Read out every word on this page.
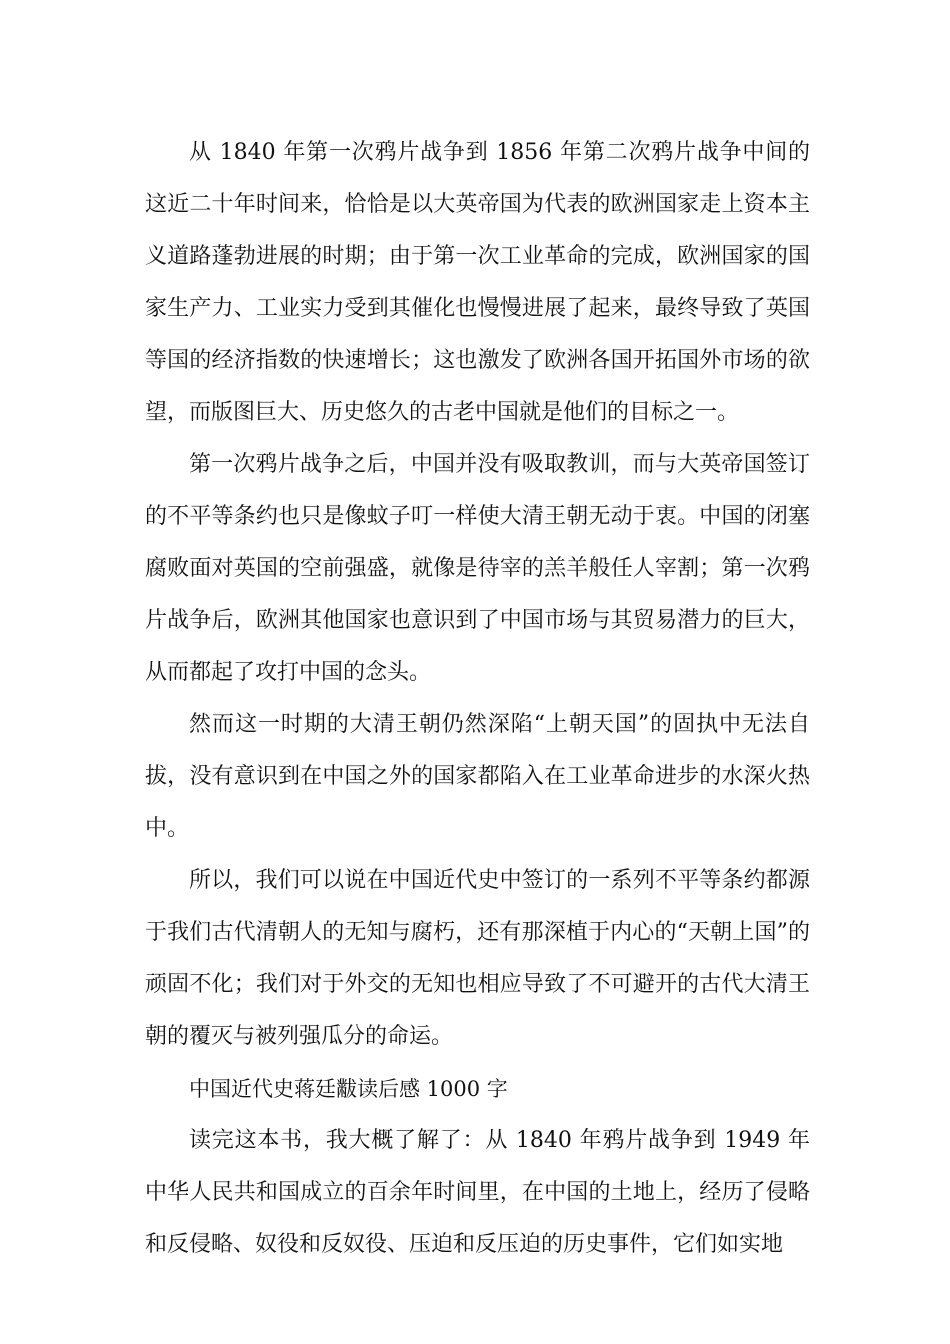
从 1840 年第一次鸦片战争到 1856 年第二次鸦片战争中间的这近二十年时间来，恰恰是以大英帝国为代表的欧洲国家走上资本主义道路蓬勃进展的时期；由于第一次工业革命的完成，欧洲国家的国家生产力、工业实力受到其催化也慢慢进展了起来，最终导致了英国等国的经济指数的快速增长；这也激发了欧洲各国开拓国外市场的欲望，而版图巨大、历史悠久的古老中国就是他们的目标之一。

第一次鸦片战争之后，中国并没有吸取教训，而与大英帝国签订的不平等条约也只是像蚊子叮一样使大清王朝无动于衷。中国的闭塞腐败面对英国的空前强盛，就像是待宰的羔羊般任人宰割；第一次鸦片战争后，欧洲其他国家也意识到了中国市场与其贸易潜力的巨大，从而都起了攻打中国的念头。

然而这一时期的大清王朝仍然深陷“上朝天国”的固执中无法自拔，没有意识到在中国之外的国家都陷入在工业革命进步的水深火热中。

所以，我们可以说在中国近代史中签订的一系列不平等条约都源于我们古代清朝人的无知与腐朽，还有那深植于内心的“天朝上国”的顽固不化；我们对于外交的无知也相应导致了不可避开的古代大清王朝的覆灭与被列强瓜分的命运。

中国近代史蒋廷黻读后感 1000 字

读完这本书，我大概了解了：从 1840 年鸦片战争到 1949 年中华人民共和国成立的百余年时间里，在中国的土地上，经历了侵略和反侵略、奴役和反奴役、压迫和反压迫的历史事件，它们如实地
